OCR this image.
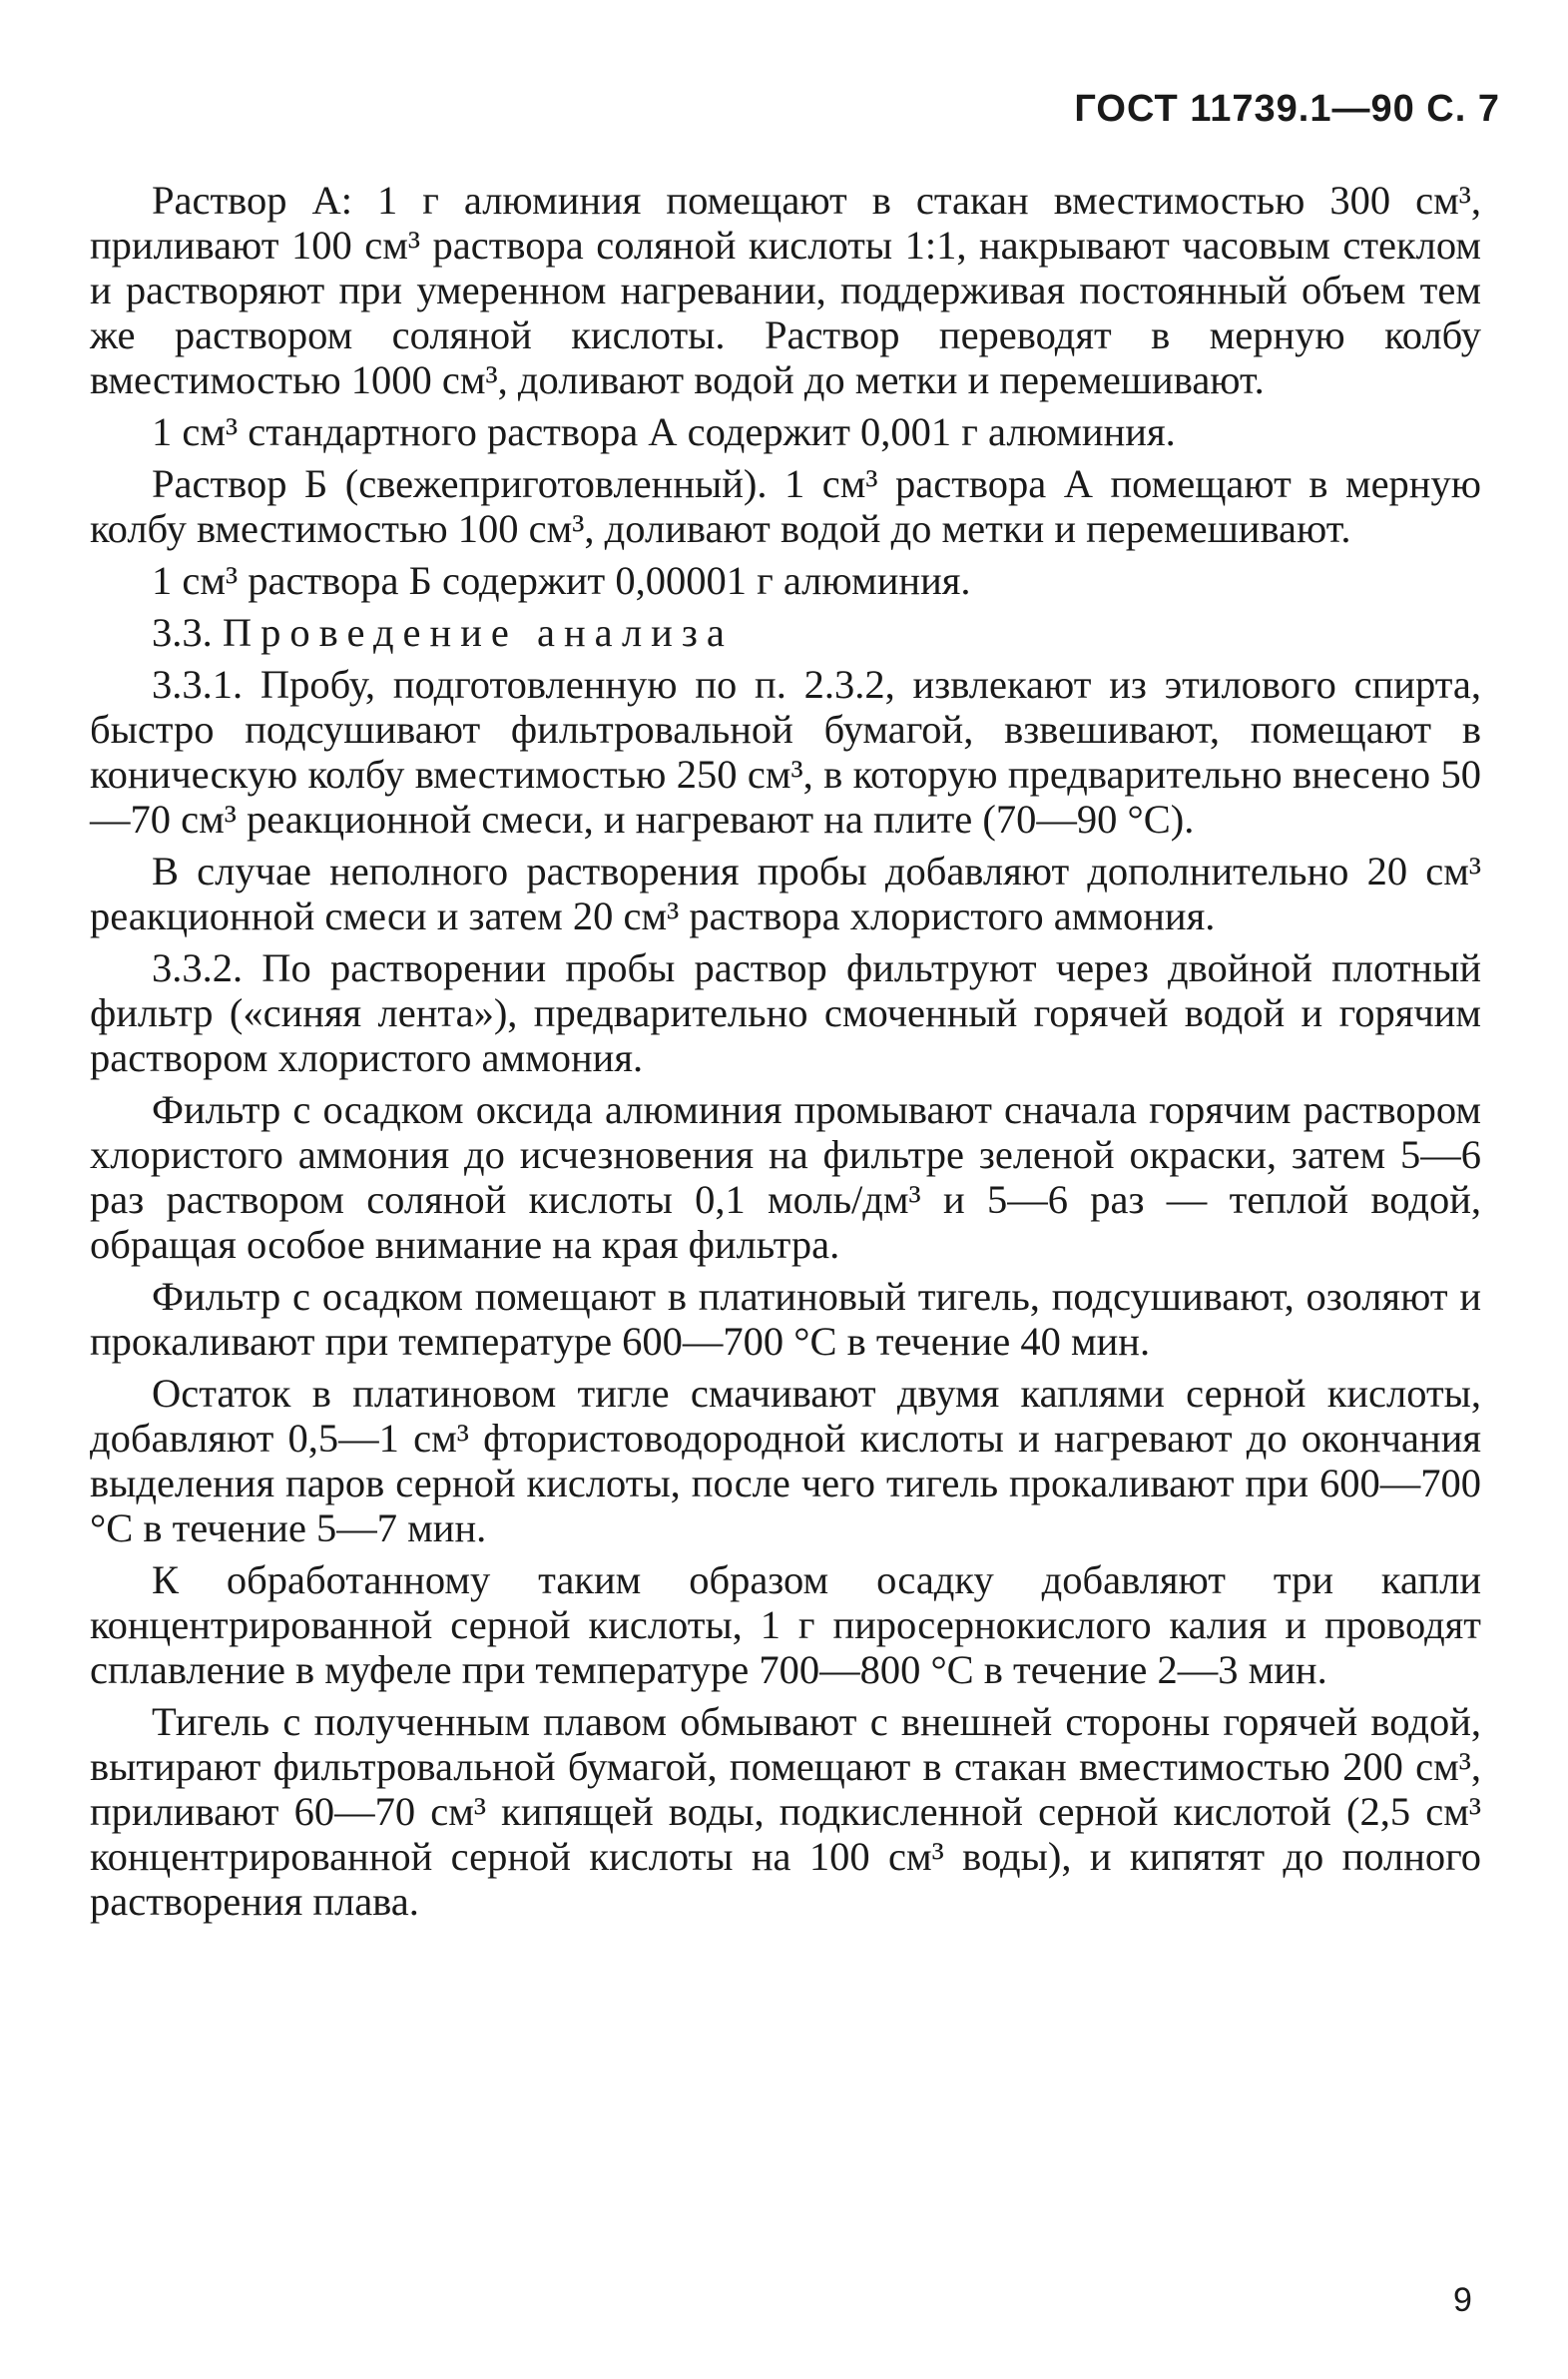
ГОСТ 11739.1—90 С. 7

Раствор А: 1 г алюминия помещают в стакан вместимостью 300 см³, приливают 100 см³ раствора соляной кислоты 1:1, накрывают часовым стеклом и растворяют при умеренном нагревании, поддерживая постоянный объем тем же раствором соляной кислоты. Раствор переводят в мерную колбу вместимостью 1000 см³, доливают водой до метки и перемешивают.

1 см³ стандартного раствора А содержит 0,001 г алюминия.

Раствор Б (свежеприготовленный). 1 см³ раствора А помещают в мерную колбу вместимостью 100 см³, доливают водой до метки и перемешивают.

1 см³ раствора Б содержит 0,00001 г алюминия.

3.3. Проведение анализа

3.3.1. Пробу, подготовленную по п. 2.3.2, извлекают из этилового спирта, быстро подсушивают фильтровальной бумагой, взвешивают, помещают в коническую колбу вместимостью 250 см³, в которую предварительно внесено 50—70 см³ реакционной смеси, и нагревают на плите (70—90 °С).

В случае неполного растворения пробы добавляют дополнительно 20 см³ реакционной смеси и затем 20 см³ раствора хлористого аммония.

3.3.2. По растворении пробы раствор фильтруют через двойной плотный фильтр («синяя лента»), предварительно смоченный горячей водой и горячим раствором хлористого аммония.

Фильтр с осадком оксида алюминия промывают сначала горячим раствором хлористого аммония до исчезновения на фильтре зеленой окраски, затем 5—6 раз раствором соляной кислоты 0,1 моль/дм³ и 5—6 раз — теплой водой, обращая особое внимание на края фильтра.

Фильтр с осадком помещают в платиновый тигель, подсушивают, озоляют и прокаливают при температуре 600—700 °С в течение 40 мин.

Остаток в платиновом тигле смачивают двумя каплями серной кислоты, добавляют 0,5—1 см³ фтористоводородной кислоты и нагревают до окончания выделения паров серной кислоты, после чего тигель прокаливают при 600—700 °С в течение 5—7 мин.

К обработанному таким образом осадку добавляют три капли концентрированной серной кислоты, 1 г пиросернокислого калия и проводят сплавление в муфеле при температуре 700—800 °С в течение 2—3 мин.

Тигель с полученным плавом обмывают с внешней стороны горячей водой, вытирают фильтровальной бумагой, помещают в стакан вместимостью 200 см³, приливают 60—70 см³ кипящей воды, подкисленной серной кислотой (2,5 см³ концентрированной серной кислоты на 100 см³ воды), и кипятят до полного растворения плава.

9
